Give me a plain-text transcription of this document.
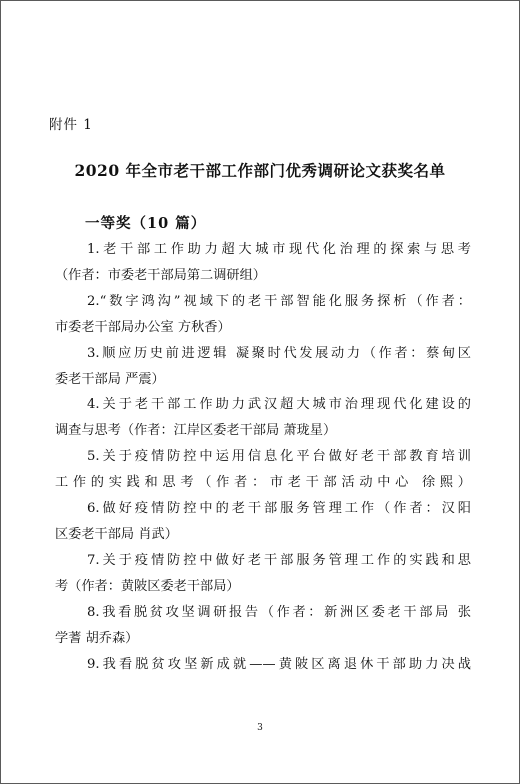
附件 1
2020 年全市老干部工作部门优秀调研论文获奖名单
一等奖（10 篇）
1.老干部工作助力超大城市现代化治理的探索与思考
（作者：市委老干部局第二调研组）
2.“数字鸿沟”视域下的老干部智能化服务探析（作者：
市委老干部局办公室 方秋香）
3.顺应历史前进逻辑 凝聚时代发展动力（作者：蔡甸区
委老干部局 严震）
4.关于老干部工作助力武汉超大城市治理现代化建设的
调查与思考（作者：江岸区委老干部局 萧珑星）
5.关于疫情防控中运用信息化平台做好老干部教育培训
工作的实践和思考（作者：市老干部活动中心 徐熙）
6.做好疫情防控中的老干部服务管理工作（作者：汉阳
区委老干部局 肖武）
7.关于疫情防控中做好老干部服务管理工作的实践和思
考（作者：黄陂区委老干部局）
8.我看脱贫攻坚调研报告（作者：新洲区委老干部局 张
学蓍 胡乔森）
9.我看脱贫攻坚新成就——黄陂区离退休干部助力决战
3
